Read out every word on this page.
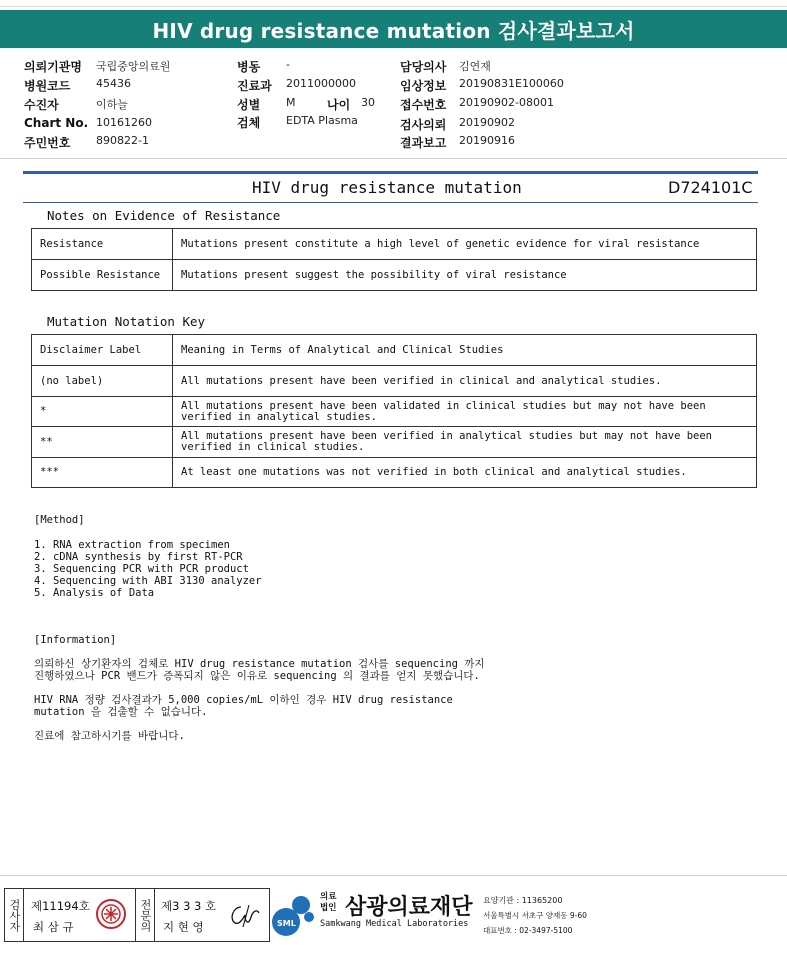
HIV drug resistance mutation 검사결과보고서
의뢰기관명 국립중앙의료원
병원코드 45436
수진자	이하늘
Chart No. 10161260
주민번호 890822-1
병동 -
진료과 2011000000
성별 M	나이 30
검체 EDTA Plasma
담당의사 김연재
임상정보 20190831E100060
접수번호 20190902-08001
검사의뢰 20190902
결과보고 20190916
HIV drug resistance mutation	D724101C
Notes on Evidence of Resistance
Resistance	Mutations present constitute a high level of genetic evidence for viral resistance
Possible Resistance	Mutations present suggest the possibility of viral resistance
Mutation Notation Key
Disclaimer Label	Meaning in Terms of Analytical and Clinical Studies
(no label)	All mutations present have been verified in clinical and analytical studies.
*	All mutations present have been validated in clinical studies but may not have been verified in analytical studies.
**	All mutations present have been verified in analytical studies but may not have been verified in clinical studies.
***	At least one mutations was not verified in both clinical and analytical studies.
[Method]
1. RNA extraction from specimen
2. cDNA synthesis by first RT-PCR
3. Sequencing PCR with PCR product
4. Sequencing with ABI 3130 analyzer
5. Analysis of Data
[Information]
의뢰하신 상기환자의 검체로 HIV drug resistance mutation 검사를 sequencing 까지
진행하였으나 PCR 밴드가 증폭되지 않은 이유로 sequencing 의 결과를 얻지 못했습니다.
HIV RNA 정량 검사결과가 5,000 copies/mL 이하인 경우 HIV drug resistance
mutation 을 검출할 수 없습니다.
진료에 참고하시기를 바랍니다.
검사자 제11194호
최 삼 규	전문의 제3 3 3 호
지 현 영	SML
의료
법인 삼광의료재단
Samkwang Medical Laboratories
요양기관 : 11365200
서울특별시 서초구 양재동 9-60
대표번호 : 02-3497-5100
